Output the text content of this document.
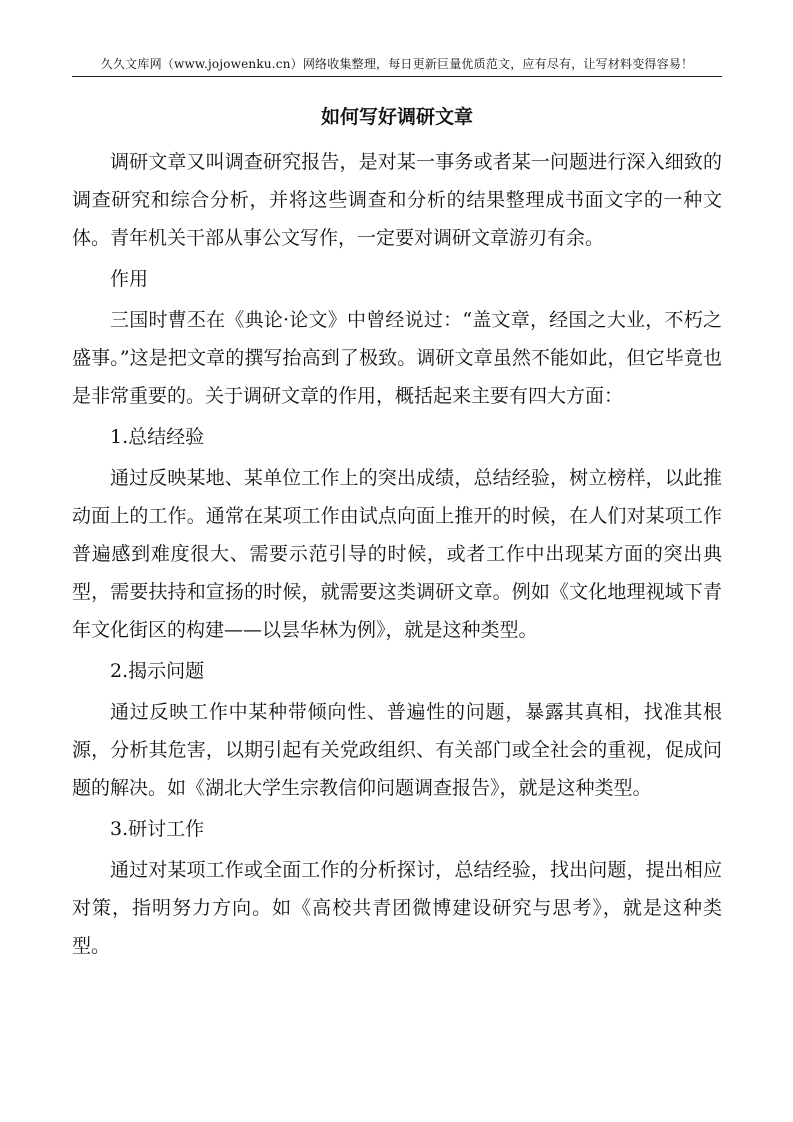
久久文库网（www.jojowenku.cn）网络收集整理，每日更新巨量优质范文，应有尽有，让写材料变得容易！
如何写好调研文章

调研文章又叫调查研究报告，是对某一事务或者某一问题进行深入细致的调查研究和综合分析，并将这些调查和分析的结果整理成书面文字的一种文体。青年机关干部从事公文写作，一定要对调研文章游刃有余。

作用

三国时曹丕在《典论·论文》中曾经说过：“盖文章，经国之大业，不朽之盛事。”这是把文章的撰写抬高到了极致。调研文章虽然不能如此，但它毕竟也是非常重要的。关于调研文章的作用，概括起来主要有四大方面：

1.总结经验

通过反映某地、某单位工作上的突出成绩，总结经验，树立榜样，以此推动面上的工作。通常在某项工作由试点向面上推开的时候，在人们对某项工作普遍感到难度很大、需要示范引导的时候，或者工作中出现某方面的突出典型，需要扶持和宣扬的时候，就需要这类调研文章。例如《文化地理视域下青年文化街区的构建——以昙华林为例》，就是这种类型。

2.揭示问题

通过反映工作中某种带倾向性、普遍性的问题，暴露其真相，找准其根源，分析其危害，以期引起有关党政组织、有关部门或全社会的重视，促成问题的解决。如《湖北大学生宗教信仰问题调查报告》，就是这种类型。

3.研讨工作

通过对某项工作或全面工作的分析探讨，总结经验，找出问题，提出相应对策，指明努力方向。如《高校共青团微博建设研究与思考》，就是这种类型。
